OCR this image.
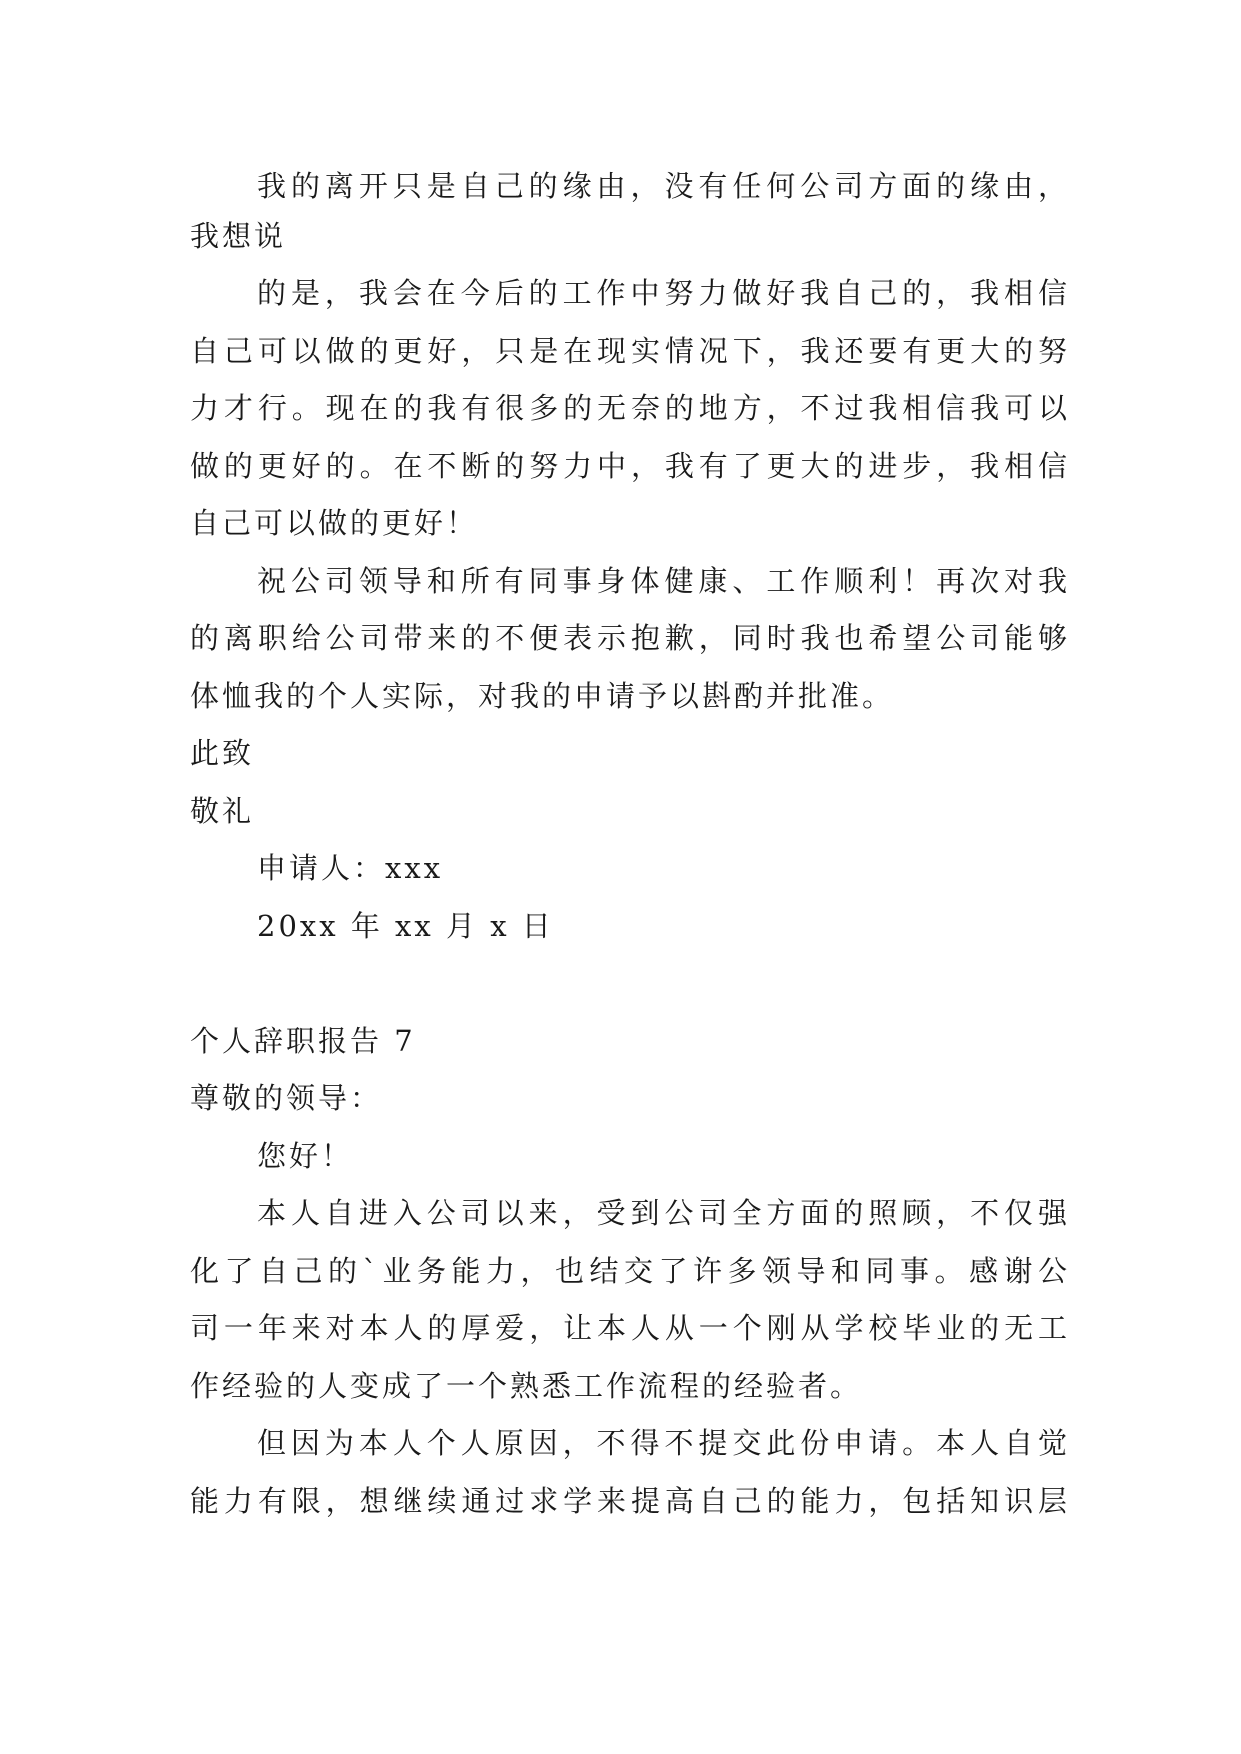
我的离开只是自己的缘由，没有任何公司方面的缘由，
我想说
的是，我会在今后的工作中努力做好我自己的，我相信
自己可以做的更好，只是在现实情况下，我还要有更大的努
力才行。现在的我有很多的无奈的地方，不过我相信我可以
做的更好的。在不断的努力中，我有了更大的进步，我相信
自己可以做的更好！
祝公司领导和所有同事身体健康、工作顺利！再次对我
的离职给公司带来的不便表示抱歉，同时我也希望公司能够
体恤我的个人实际，对我的申请予以斟酌并批准。
此致
敬礼
申请人：xxx
20xx 年 xx 月 x 日
个人辞职报告 7
尊敬的领导：
您好！
本人自进入公司以来，受到公司全方面的照顾，不仅强
化了自己的`业务能力，也结交了许多领导和同事。感谢公
司一年来对本人的厚爱，让本人从一个刚从学校毕业的无工
作经验的人变成了一个熟悉工作流程的经验者。
但因为本人个人原因，不得不提交此份申请。本人自觉
能力有限，想继续通过求学来提高自己的能力，包括知识层
